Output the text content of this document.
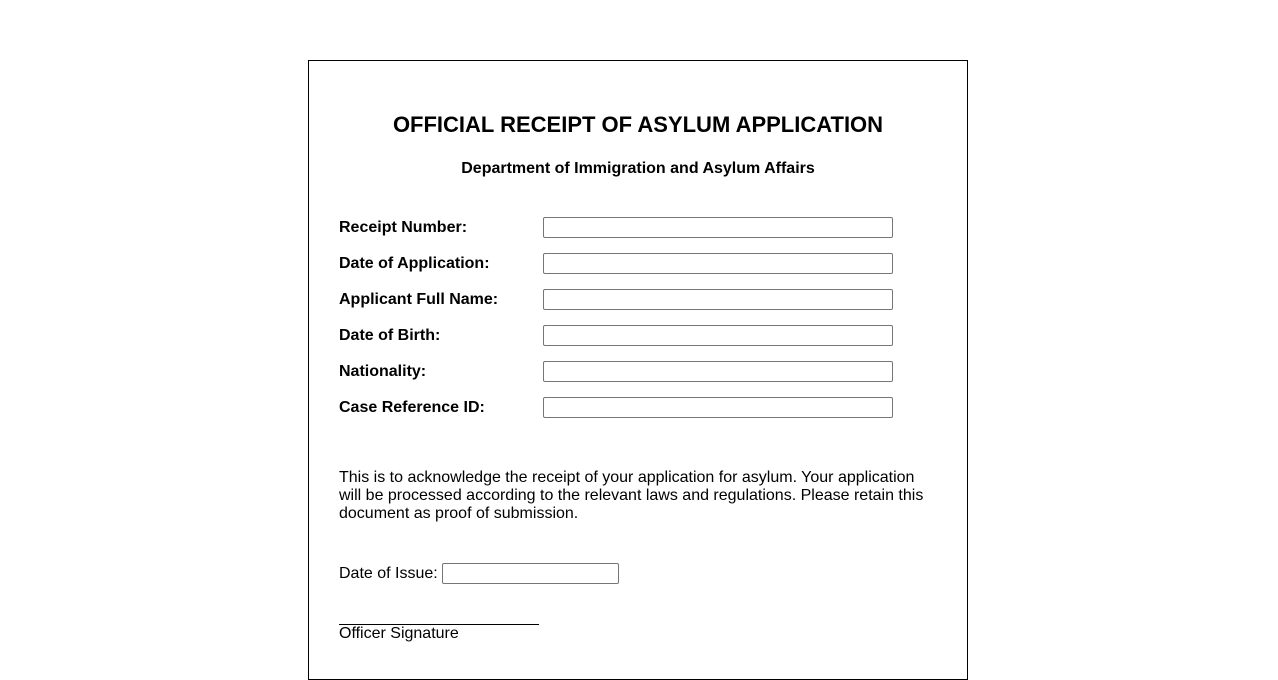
OFFICIAL RECEIPT OF ASYLUM APPLICATION
Department of Immigration and Asylum Affairs
Receipt Number:
Date of Application:
Applicant Full Name:
Date of Birth:
Nationality:
Case Reference ID:

This is to acknowledge the receipt of your application for asylum. Your application will be processed according to the relevant laws and regulations. Please retain this document as proof of submission.

Date of Issue:
Officer Signature
